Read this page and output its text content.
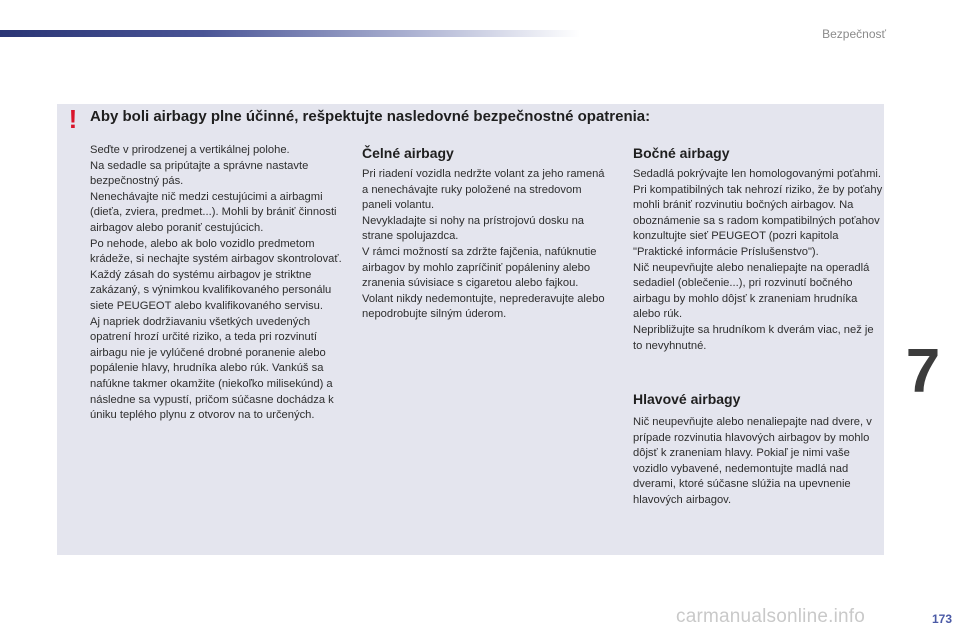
Bezpečnosť
! Aby boli airbagy plne účinné, rešpektujte nasledovné bezpečnostné opatrenia:

Seďte v prirodzenej a vertikálnej polohe.

Na sedadle sa pripútajte a správne nastavte bezpečnostný pás.

Nenechávajte nič medzi cestujúcimi a airbagmi (dieťa, zviera, predmet...). Mohli by brániť činnosti airbagov alebo poraniť cestujúcich.

Po nehode, alebo ak bolo vozidlo predmetom krádeže, si nechajte systém airbagov skontrolovať.

Každý zásah do systému airbagov je striktne zakázaný, s výnimkou kvalifikovaného personálu siete PEUGEOT alebo kvalifikovaného servisu.

Aj napriek dodržiavaniu všetkých uvedených opatrení hrozí určité riziko, a teda pri rozvinutí airbagu nie je vylúčené drobné poranenie alebo popálenie hlavy, hrudníka alebo rúk. Vankúš sa nafúkne takmer okamžite (niekoľko milisekúnd) a následne sa vypustí, pričom súčasne dochádza k úniku teplého plynu z otvorov na to určených.

Čelné airbagy

Pri riadení vozidla nedržte volant za jeho ramená a nenechávajte ruky položené na stredovom paneli volantu.

Nevykladajte si nohy na prístrojovú dosku na strane spolujazdca.

V rámci možností sa zdržte fajčenia, nafúknutie airbagov by mohlo zapríčiniť popáleniny alebo zranenia súvisiace s cigaretou alebo fajkou.

Volant nikdy nedemontujte, neprederavujte alebo nepodrobujte silným úderom.

Bočné airbagy

Sedadlá pokrývajte len homologovanými poťahmi. Pri kompatibilných tak nehrozí riziko, že by poťahy mohli brániť rozvinutiu bočných airbagov. Na oboznámenie sa s radom kompatibilných poťahov konzultujte sieť PEUGEOT (pozri kapitola "Praktické informácie Príslušenstvo").

Nič neupevňujte alebo nenaliepajte na operadlá sedadiel (oblečenie...), pri rozvinutí bočného airbagu by mohlo dôjsť k zraneniam hrudníka alebo rúk.

Nepribližujte sa hrudníkom k dverám viac, než je to nevyhnutné.

Hlavové airbagy

Nič neupevňujte alebo nenaliepajte nad dvere, v prípade rozvinutia hlavových airbagov by mohlo dôjsť k zraneniam hlavy. Pokiaľ je nimi vaše vozidlo vybavené, nedemontujte madlá nad dverami, ktoré súčasne slúžia na upevnenie hlavových airbagov.

7
173
carmanualsonline.info
